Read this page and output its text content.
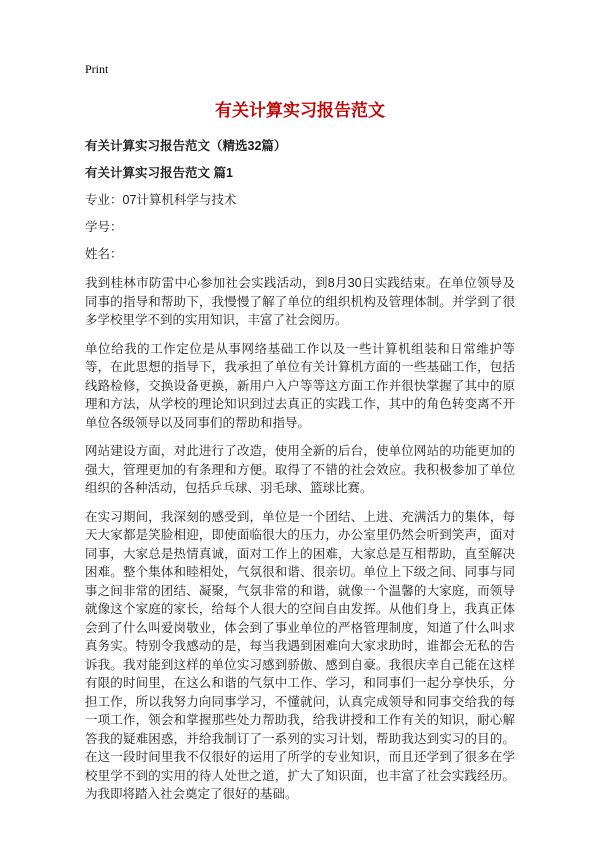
Print
有关计算实习报告范文

有关计算实习报告范文（精选32篇）

有关计算实习报告范文 篇1

专业：07计算机科学与技术

学号：

姓名：

我到桂林市防雷中心参加社会实践活动，到8月30日实践结束。在单位领导及同事的指导和帮助下，我慢慢了解了单位的组织机构及管理体制。并学到了很多学校里学不到的实用知识，丰富了社会阅历。

单位给我的工作定位是从事网络基础工作以及一些计算机组装和日常维护等等，在此思想的指导下，我承担了单位有关计算机方面的一些基础工作，包括线路检修，交换设备更换，新用户入户等等这方面工作并很快掌握了其中的原理和方法，从学校的理论知识到过去真正的实践工作，其中的角色转变离不开单位各级领导以及同事们的帮助和指导。

网站建设方面，对此进行了改造，使用全新的后台，使单位网站的功能更加的强大，管理更加的有条理和方便。取得了不错的社会效应。我积极参加了单位组织的各种活动，包括乒乓球、羽毛球、篮球比赛。

在实习期间，我深刻的感受到，单位是一个团结、上进、充满活力的集体，每天大家都是笑脸相迎，即使面临很大的压力，办公室里仍然会听到笑声，面对同事，大家总是热情真诚，面对工作上的困难，大家总是互相帮助，直至解决困难。整个集体和睦相处，气氛很和谐、很亲切。单位上下级之间、同事与同事之间非常的团结、凝聚，气氛非常的和谐，就像一个温馨的大家庭，而领导就像这个家庭的家长，给每个人很大的空间自由发挥。从他们身上，我真正体会到了什么叫爱岗敬业，体会到了事业单位的严格管理制度，知道了什么叫求真务实。特别令我感动的是，每当我遇到困难向大家求助时，谁都会无私的告诉我。我对能到这样的单位实习感到骄傲、感到自豪。我很庆幸自己能在这样有限的时间里，在这么和谐的气氛中工作、学习，和同事们一起分享快乐，分担工作，所以我努力向同事学习，不懂就问，认真完成领导和同事交给我的每一项工作，领会和掌握那些处力帮助我，给我讲授和工作有关的知识，耐心解答我的疑难困惑，并给我制订了一系列的实习计划，帮助我达到实习的目的。在这一段时间里我不仅很好的运用了所学的专业知识，而且还学到了很多在学校里学不到的实用的待人处世之道，扩大了知识面，也丰富了社会实践经历。为我即将踏入社会奠定了很好的基础。
